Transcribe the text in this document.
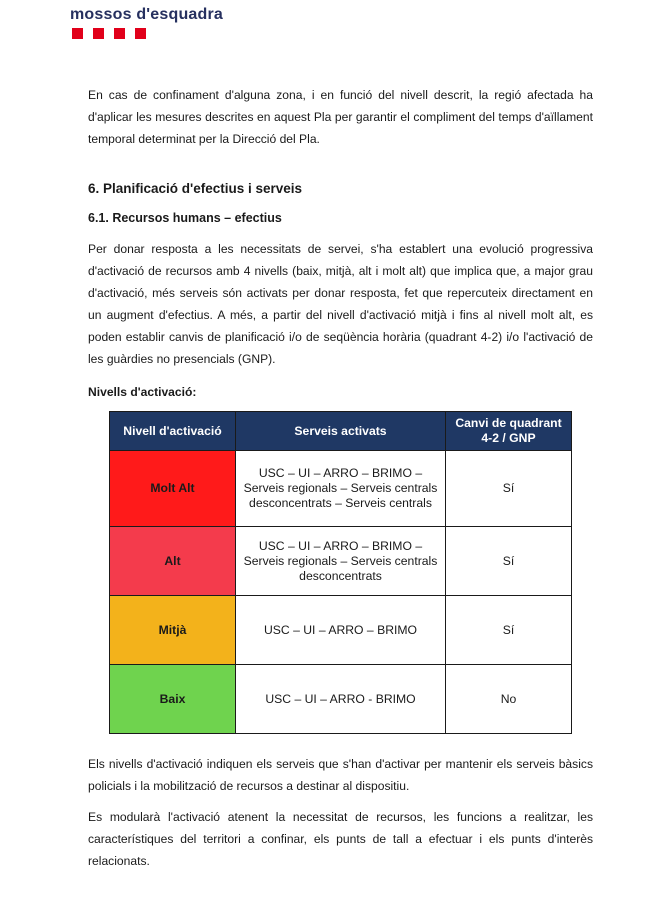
mossos d'esquadra

En cas de confinament d'alguna zona, i en funció del nivell descrit, la regió afectada ha d'aplicar les mesures descrites en aquest Pla per garantir el compliment del temps d'aïllament temporal determinat per la Direcció del Pla.

6. Planificació d'efectius i serveis
6.1. Recursos humans – efectius

Per donar resposta a les necessitats de servei, s'ha establert una evolució progressiva d'activació de recursos amb 4 nivells (baix, mitjà, alt i molt alt) que implica que, a major grau d'activació, més serveis són activats per donar resposta, fet que repercuteix directament en un augment d'efectius. A més, a partir del nivell d'activació mitjà i fins al nivell molt alt, es poden establir canvis de planificació i/o de seqüència horària (quadrant 4-2) i/o l'activació de les guàrdies no presencials (GNP).

Nivells d'activació:

Nivell d'activació	Serveis activats	Canvi de quadrant 4-2 / GNP
Molt Alt	USC – UI – ARRO – BRIMO – Serveis regionals – Serveis centrals desconcentrats – Serveis centrals	Sí
Alt	USC – UI – ARRO – BRIMO – Serveis regionals – Serveis centrals desconcentrats	Sí
Mitjà	USC – UI – ARRO – BRIMO	Sí
Baix	USC – UI – ARRO - BRIMO	No

Els nivells d'activació indiquen els serveis que s'han d'activar per mantenir els serveis bàsics policials i la mobilització de recursos a destinar al dispositiu.

Es modularà l'activació atenent la necessitat de recursos, les funcions a realitzar, les característiques del territori a confinar, els punts de tall a efectuar i els punts d'interès relacionats.
